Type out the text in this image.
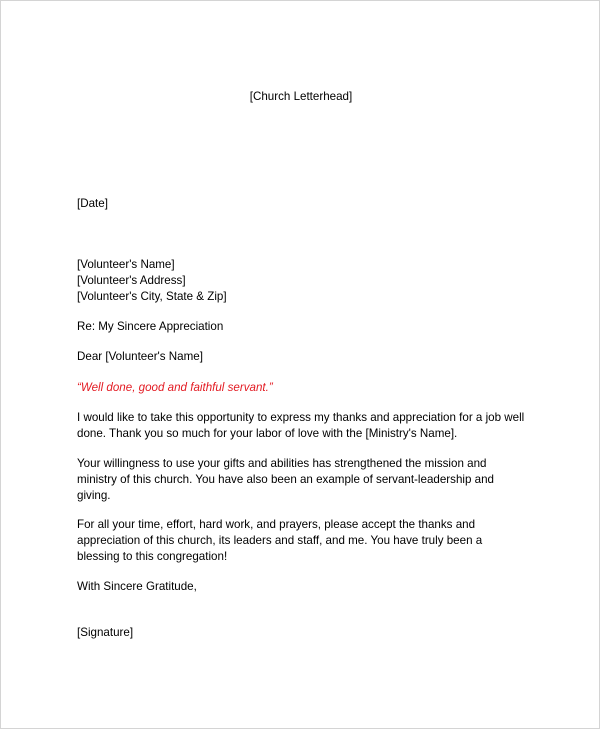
[Church Letterhead]
[Date]
[Volunteer's Name]
[Volunteer's Address]
[Volunteer's City, State & Zip]
Re: My Sincere Appreciation
Dear [Volunteer's Name]
“Well done, good and faithful servant.”
I would like to take this opportunity to express my thanks and appreciation for a job well
done. Thank you so much for your labor of love with the [Ministry's Name].
Your willingness to use your gifts and abilities has strengthened the mission and
ministry of this church. You have also been an example of servant-leadership and
giving.
For all your time, effort, hard work, and prayers, please accept the thanks and
appreciation of this church, its leaders and staff, and me. You have truly been a
blessing to this congregation!
With Sincere Gratitude,
[Signature]
